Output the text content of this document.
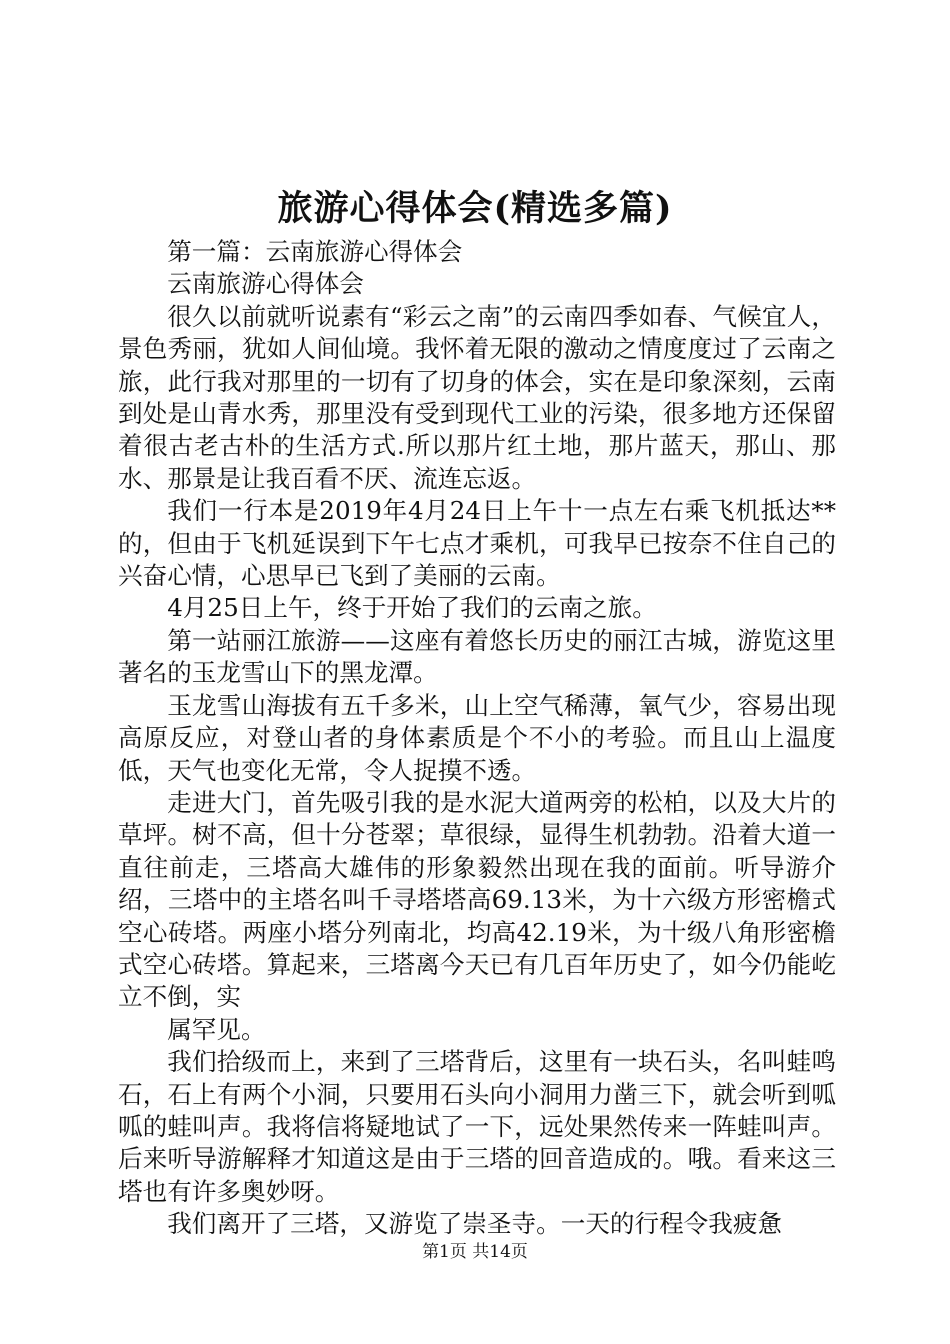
旅游心得体会(精选多篇)

第一篇：云南旅游心得体会

云南旅游心得体会

很久以前就听说素有“彩云之南”的云南四季如春、气候宜人，景色秀丽，犹如人间仙境。我怀着无限的激动之情度度过了云南之旅，此行我对那里的一切有了切身的体会，实在是印象深刻，云南到处是山青水秀，那里没有受到现代工业的污染，很多地方还保留着很古老古朴的生活方式.所以那片红土地，那片蓝天，那山、那水、那景是让我百看不厌、流连忘返。

我们一行本是2019年4月24日上午十一点左右乘飞机抵达**的，但由于飞机延误到下午七点才乘机，可我早已按奈不住自己的兴奋心情，心思早已飞到了美丽的云南。

4月25日上午，终于开始了我们的云南之旅。

第一站丽江旅游——这座有着悠长历史的丽江古城，游览这里著名的玉龙雪山下的黑龙潭。

玉龙雪山海拔有五千多米，山上空气稀薄，氧气少，容易出现高原反应，对登山者的身体素质是个不小的考验。而且山上温度低，天气也变化无常，令人捉摸不透。

走进大门，首先吸引我的是水泥大道两旁的松柏，以及大片的草坪。树不高，但十分苍翠；草很绿，显得生机勃勃。沿着大道一直往前走，三塔高大雄伟的形象毅然出现在我的面前。听导游介绍，三塔中的主塔名叫千寻塔塔高69.13米，为十六级方形密檐式空心砖塔。两座小塔分列南北，均高42.19米，为十级八角形密檐式空心砖塔。算起来，三塔离今天已有几百年历史了，如今仍能屹立不倒，实

属罕见。

我们拾级而上，来到了三塔背后，这里有一块石头，名叫蛙鸣石，石上有两个小洞，只要用石头向小洞用力凿三下，就会听到呱呱的蛙叫声。我将信将疑地试了一下，远处果然传来一阵蛙叫声。后来听导游解释才知道这是由于三塔的回音造成的。哦。看来这三塔也有许多奥妙呀。

我们离开了三塔，又游览了崇圣寺。一天的行程令我疲惫

第1页 共14页
